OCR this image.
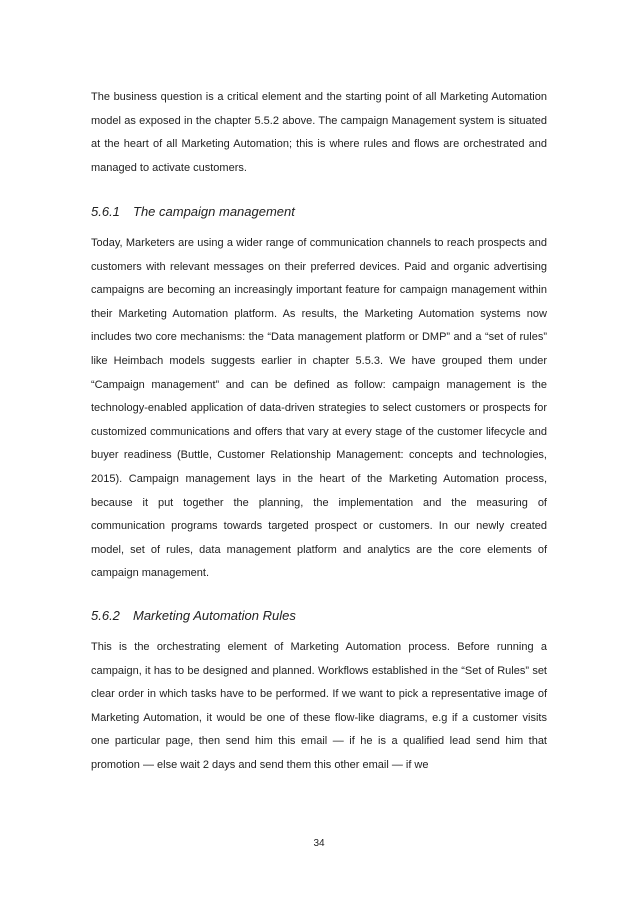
The business question is a critical element and the starting point of all Marketing Automation model as exposed in the chapter 5.5.2 above. The campaign Management system is situated at the heart of all Marketing Automation; this is where rules and flows are orchestrated and managed to activate customers.

5.6.1 The campaign management

Today, Marketers are using a wider range of communication channels to reach prospects and customers with relevant messages on their preferred devices. Paid and organic advertising campaigns are becoming an increasingly important feature for campaign management within their Marketing Automation platform. As results, the Marketing Automation systems now includes two core mechanisms: the “Data management platform or DMP” and a “set of rules” like Heimbach models suggests earlier in chapter 5.5.3. We have grouped them under “Campaign management” and can be defined as follow: campaign management is the technology-enabled application of data-driven strategies to select customers or prospects for customized communications and offers that vary at every stage of the customer lifecycle and buyer readiness (Buttle, Customer Relationship Management: concepts and technologies, 2015). Campaign management lays in the heart of the Marketing Automation process, because it put together the planning, the implementation and the measuring of communication programs towards targeted prospect or customers. In our newly created model, set of rules, data management platform and analytics are the core elements of campaign management.

5.6.2 Marketing Automation Rules

This is the orchestrating element of Marketing Automation process. Before running a campaign, it has to be designed and planned. Workflows established in the “Set of Rules” set clear order in which tasks have to be performed. If we want to pick a representative image of Marketing Automation, it would be one of these flow-like diagrams, e.g if a customer visits one particular page, then send him this email — if he is a qualified lead send him that promotion — else wait 2 days and send them this other email — if we

34
